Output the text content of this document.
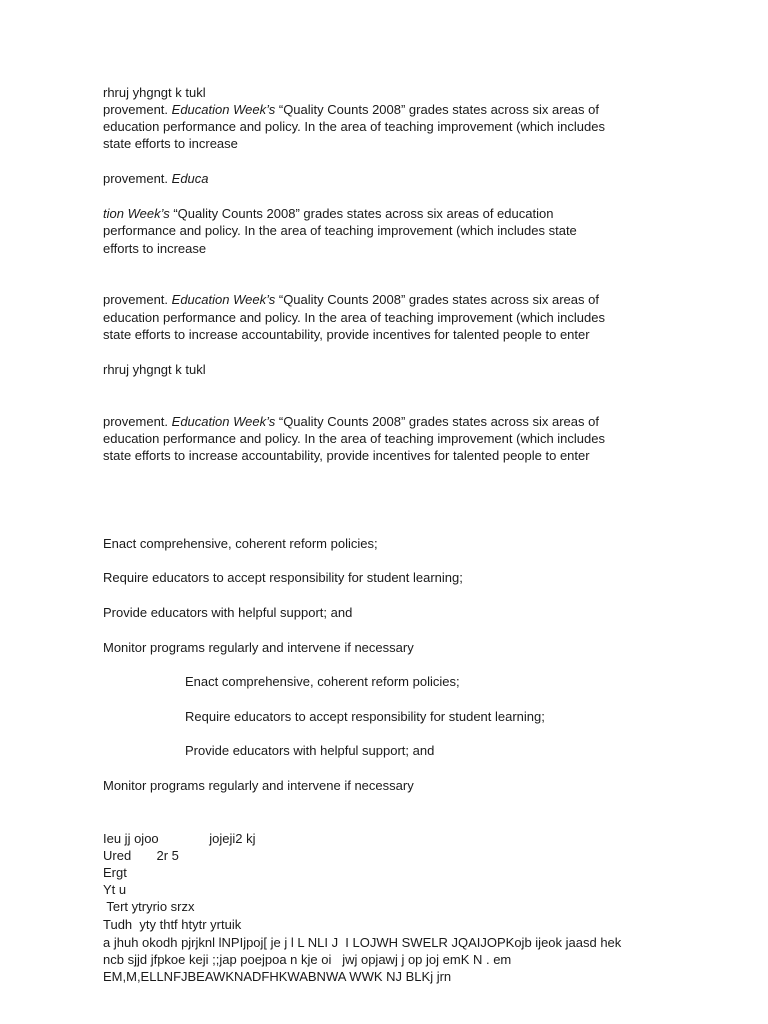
rhruj yhgngt k tukl
provement. Education Week’s “Quality Counts 2008” grades states across six areas of
education performance and policy. In the area of teaching improvement (which includes
state efforts to increase
provement. Educa
tion Week’s “Quality Counts 2008” grades states across six areas of education
performance and policy. In the area of teaching improvement (which includes state
efforts to increase
provement. Education Week’s “Quality Counts 2008” grades states across six areas of
education performance and policy. In the area of teaching improvement (which includes
state efforts to increase accountability, provide incentives for talented people to enter
rhruj yhgngt k tukl
provement. Education Week’s “Quality Counts 2008” grades states across six areas of
education performance and policy. In the area of teaching improvement (which includes
state efforts to increase accountability, provide incentives for talented people to enter
Enact comprehensive, coherent reform policies;
Require educators to accept responsibility for student learning;
Provide educators with helpful support; and
Monitor programs regularly and intervene if necessary
Enact comprehensive, coherent reform policies;
Require educators to accept responsibility for student learning;
Provide educators with helpful support; and
Monitor programs regularly and intervene if necessary
Ieu jj ojoo              jojeji2 kj
Ured       2r 5
Ergt
Yt u
Tert ytryrio srzx
Tudh  yty thtf htytr yrtuik
a jhuh okodh pjrjknl lNPIjpoj[ je j l L NLI J  I LOJWH SWELR JQAIJOPKojb ijeok jaasd hek
ncb sjjd jfpkoe keji ;;jap poejpoa n kje oi   jwj opjawj j op joj emK N . em
EM,M,ELLNFJBEAWKNADFHKWABNWA WWK NJ BLKj jrn
